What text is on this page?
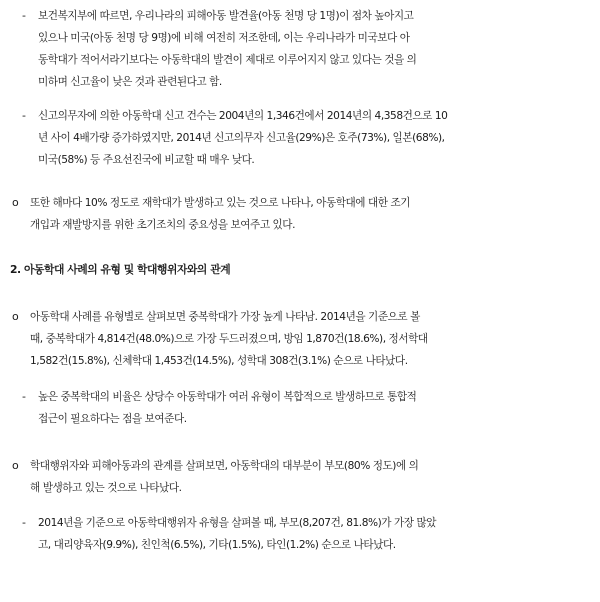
- 보건복지부에 따르면, 우리나라의 피해아동 발견율(아동 천명 당 1명)이 점차 높아지고

있으나 미국(아동 천명 당 9명)에 비해 여전히 저조한데, 이는 우리나라가 미국보다 아

동학대가 적어서라기보다는 아동학대의 발견이 제대로 이루어지지 않고 있다는 것을 의

미하며 신고율이 낮은 것과 관련된다고 함.

- 신고의무자에 의한 아동학대 신고 건수는 2004년의 1,346건에서 2014년의 4,358건으로 10

년 사이 4배가량 증가하였지만, 2014년 신고의무자 신고율(29%)은 호주(73%), 일본(68%),

미국(58%) 등 주요선진국에 비교할 때 매우 낮다.

o 또한 해마다 10% 정도로 재학대가 발생하고 있는 것으로 나타나, 아동학대에 대한 조기

개입과 재발방지를 위한 초기조치의 중요성을 보여주고 있다.

2. 아동학대 사례의 유형 및 학대행위자와의 관계

o 아동학대 사례를 유형별로 살펴보면 중복학대가 가장 높게 나타남. 2014년을 기준으로 볼

때, 중복학대가 4,814건(48.0%)으로 가장 두드러졌으며, 방임 1,870건(18.6%), 정서학대

1,582건(15.8%), 신체학대 1,453건(14.5%), 성학대 308건(3.1%) 순으로 나타났다.

- 높은 중복학대의 비율은 상당수 아동학대가 여러 유형이 복합적으로 발생하므로 통합적

접근이 필요하다는 점을 보여준다.

o 학대행위자와 피해아동과의 관계를 살펴보면, 아동학대의 대부분이 부모(80% 정도)에 의

해 발생하고 있는 것으로 나타났다.

- 2014년을 기준으로 아동학대행위자 유형을 살펴볼 때, 부모(8,207건, 81.8%)가 가장 많았

고, 대리양육자(9.9%), 친인척(6.5%), 기타(1.5%), 타인(1.2%) 순으로 나타났다.
